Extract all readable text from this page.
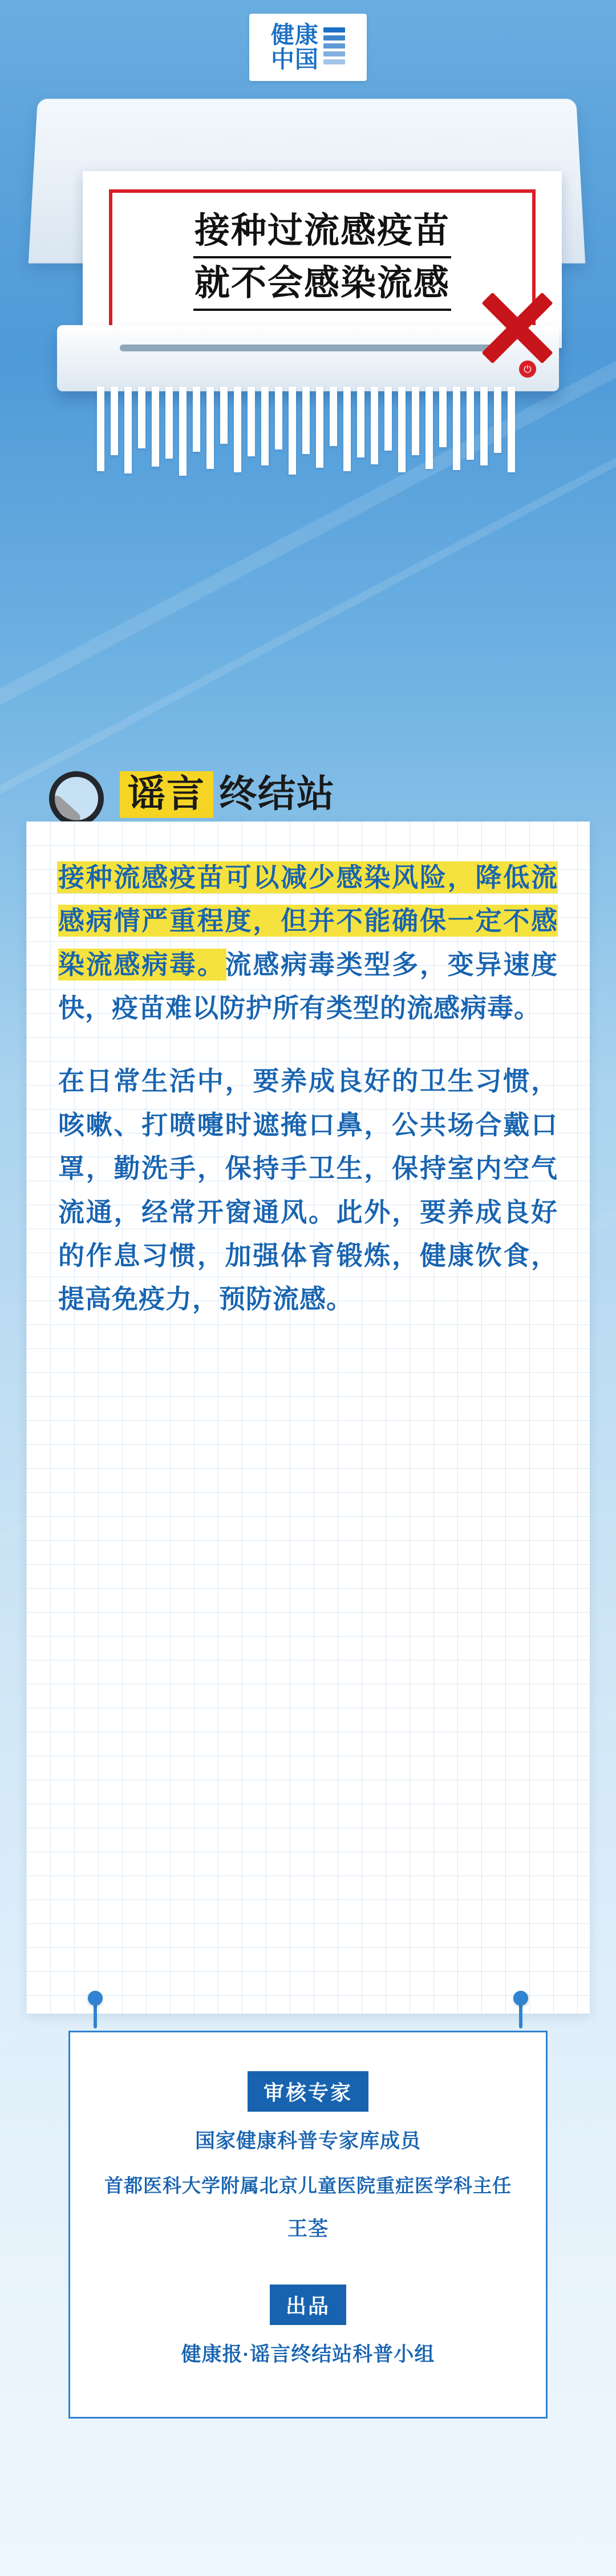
健康
中国
接种过流感疫苗
就不会感染流感
⏻
谣言 终结站

接种流感疫苗可以减少感染风险，降低流感病情严重程度，但并不能确保一定不感染流感病毒。流感病毒类型多，变异速度快，疫苗难以防护所有类型的流感病毒。

在日常生活中，要养成良好的卫生习惯，咳嗽、打喷嚏时遮掩口鼻，公共场合戴口罩，勤洗手，保持手卫生，保持室内空气流通，经常开窗通风。此外，要养成良好的作息习惯，加强体育锻炼，健康饮食，提高免疫力，预防流感。

审核专家
国家健康科普专家库成员
首都医科大学附属北京儿童医院重症医学科主任
王荃
出品
健康报·谣言终结站科普小组
